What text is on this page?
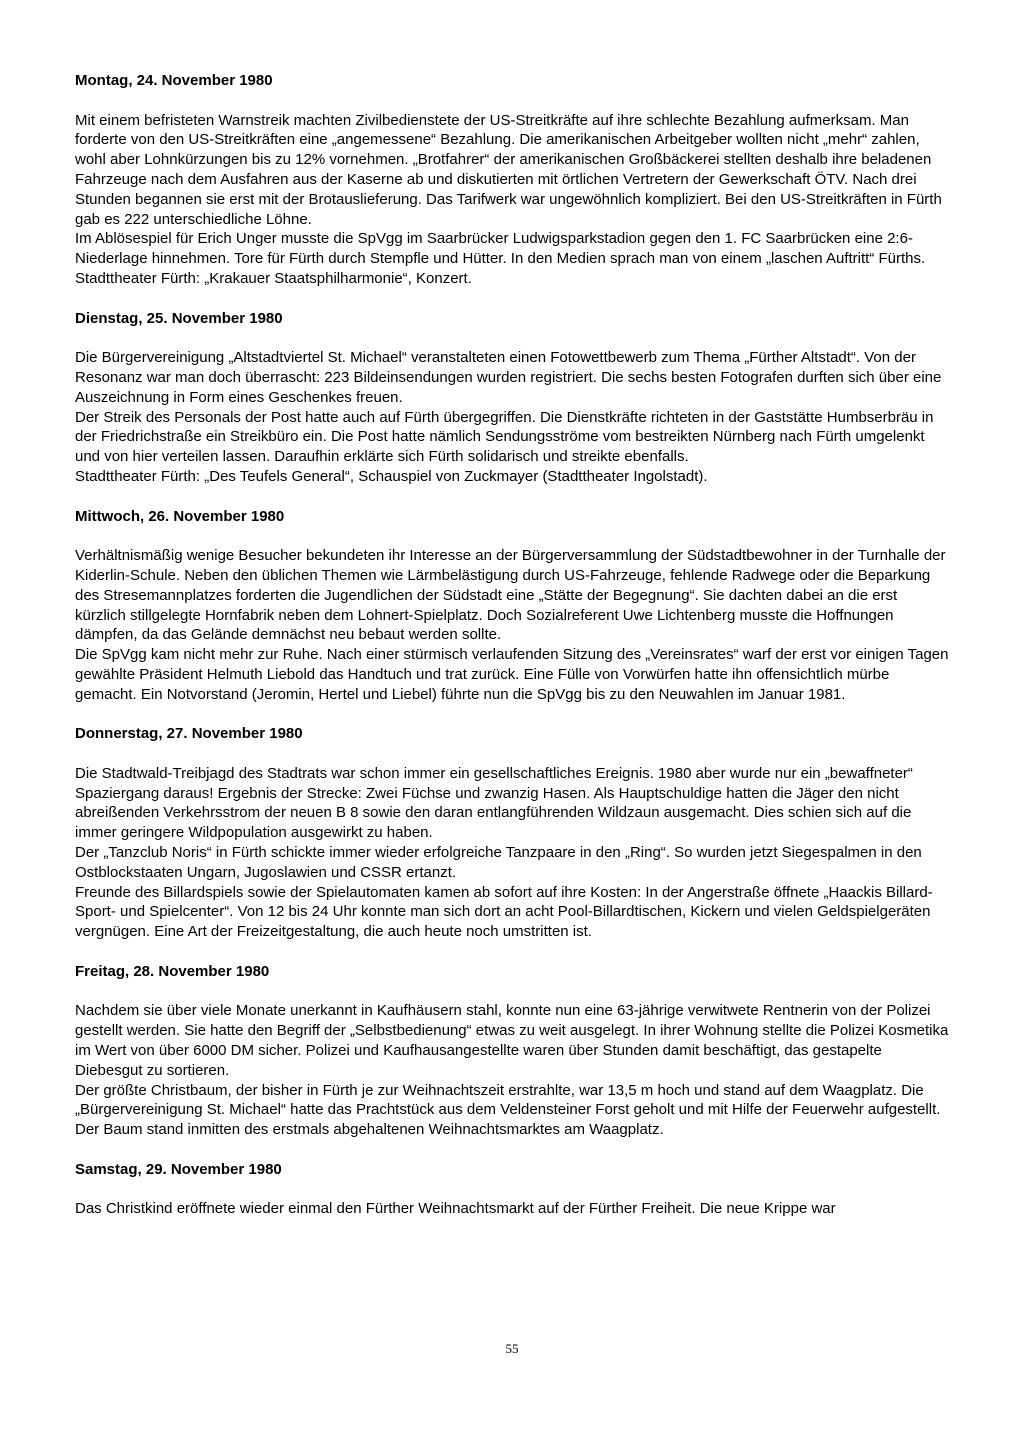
Montag, 24. November 1980

Mit einem befristeten Warnstreik machten Zivilbedienstete der US-Streitkräfte auf ihre schlechte Bezahlung aufmerksam. Man forderte von den US-Streitkräften eine „angemessene“ Bezahlung. Die amerikanischen Arbeitgeber wollten nicht „mehr“ zahlen, wohl aber Lohnkürzungen bis zu 12% vornehmen. „Brotfahrer“ der amerikanischen Großbäckerei stellten deshalb ihre beladenen Fahrzeuge nach dem Ausfahren aus der Kaserne ab und diskutierten mit örtlichen Vertretern der Gewerkschaft ÖTV. Nach drei Stunden begannen sie erst mit der Brotauslieferung. Das Tarifwerk war ungewöhnlich kompliziert. Bei den US-Streitkräften in Fürth gab es 222 unterschiedliche Löhne.

Im Ablösespiel für Erich Unger musste die SpVgg im Saarbrücker Ludwigsparkstadion gegen den 1. FC Saarbrücken eine 2:6-Niederlage hinnehmen. Tore für Fürth durch Stempfle und Hütter. In den Medien sprach man von einem „laschen Auftritt“ Fürths.

Stadttheater Fürth: „Krakauer Staatsphilharmonie“, Konzert.

Dienstag, 25. November 1980

Die Bürgervereinigung „Altstadtviertel St. Michael“ veranstalteten einen Fotowettbewerb zum Thema „Fürther Altstadt“. Von der Resonanz war man doch überrascht: 223 Bildeinsendungen wurden registriert. Die sechs besten Fotografen durften sich über eine Auszeichnung in Form eines Geschenkes freuen.

Der Streik des Personals der Post hatte auch auf Fürth übergegriffen. Die Dienstkräfte richteten in der Gaststätte Humbserbräu in der Friedrichstraße ein Streikbüro ein. Die Post hatte nämlich Sendungsströme vom bestreikten Nürnberg nach Fürth umgelenkt und von hier verteilen lassen. Daraufhin erklärte sich Fürth solidarisch und streikte ebenfalls.

Stadttheater Fürth: „Des Teufels General“, Schauspiel von Zuckmayer (Stadttheater Ingolstadt).

Mittwoch, 26. November 1980

Verhältnismäßig wenige Besucher bekundeten ihr Interesse an der Bürgerversammlung der Südstadtbewohner in der Turnhalle der Kiderlin-Schule. Neben den üblichen Themen wie Lärmbelästigung durch US-Fahrzeuge, fehlende Radwege oder die Beparkung des Stresemannplatzes forderten die Jugendlichen der Südstadt eine „Stätte der Begegnung“. Sie dachten dabei an die erst kürzlich stillgelegte Hornfabrik neben dem Lohnert-Spielplatz. Doch Sozialreferent Uwe Lichtenberg musste die Hoffnungen dämpfen, da das Gelände demnächst neu bebaut werden sollte.

Die SpVgg kam nicht mehr zur Ruhe. Nach einer stürmisch verlaufenden Sitzung des „Vereinsrates“ warf der erst vor einigen Tagen gewählte Präsident Helmuth Liebold das Handtuch und trat zurück. Eine Fülle von Vorwürfen hatte ihn offensichtlich mürbe gemacht. Ein Notvorstand (Jeromin, Hertel und Liebel) führte nun die SpVgg bis zu den Neuwahlen im Januar 1981.

Donnerstag, 27. November 1980

Die Stadtwald-Treibjagd des Stadtrats war schon immer ein gesellschaftliches Ereignis. 1980 aber wurde nur ein „bewaffneter“ Spaziergang daraus! Ergebnis der Strecke: Zwei Füchse und zwanzig Hasen. Als Hauptschuldige hatten die Jäger den nicht abreißenden Verkehrsstrom der neuen B 8 sowie den daran entlangführenden Wildzaun ausgemacht. Dies schien sich auf die immer geringere Wildpopulation ausgewirkt zu haben.

Der „Tanzclub Noris“ in Fürth schickte immer wieder erfolgreiche Tanzpaare in den „Ring“. So wurden jetzt Siegespalmen in den Ostblockstaaten Ungarn, Jugoslawien und CSSR ertanzt.

Freunde des Billardspiels sowie der Spielautomaten kamen ab sofort auf ihre Kosten: In der Angerstraße öffnete „Haackis Billard- Sport- und Spielcenter“. Von 12 bis 24 Uhr konnte man sich dort an acht Pool-Billardtischen, Kickern und vielen Geldspielgeräten vergnügen. Eine Art der Freizeitgestaltung, die auch heute noch umstritten ist.

Freitag, 28. November 1980

Nachdem sie über viele Monate unerkannt in Kaufhäusern stahl, konnte nun eine 63-jährige verwitwete Rentnerin von der Polizei gestellt werden. Sie hatte den Begriff der „Selbstbedienung“ etwas zu weit ausgelegt. In ihrer Wohnung stellte die Polizei Kosmetika im Wert von über 6000 DM sicher. Polizei und Kaufhausangestellte waren über Stunden damit beschäftigt, das gestapelte Diebesgut zu sortieren.

Der größte Christbaum, der bisher in Fürth je zur Weihnachtszeit erstrahlte, war 13,5 m hoch und stand auf dem Waagplatz. Die „Bürgervereinigung St. Michael“ hatte das Prachtstück aus dem Veldensteiner Forst geholt und mit Hilfe der Feuerwehr aufgestellt. Der Baum stand inmitten des erstmals abgehaltenen Weihnachtsmarktes am Waagplatz.

Samstag, 29. November 1980

Das Christkind eröffnete wieder einmal den Fürther Weihnachtsmarkt auf der Fürther Freiheit. Die neue Krippe war

55
